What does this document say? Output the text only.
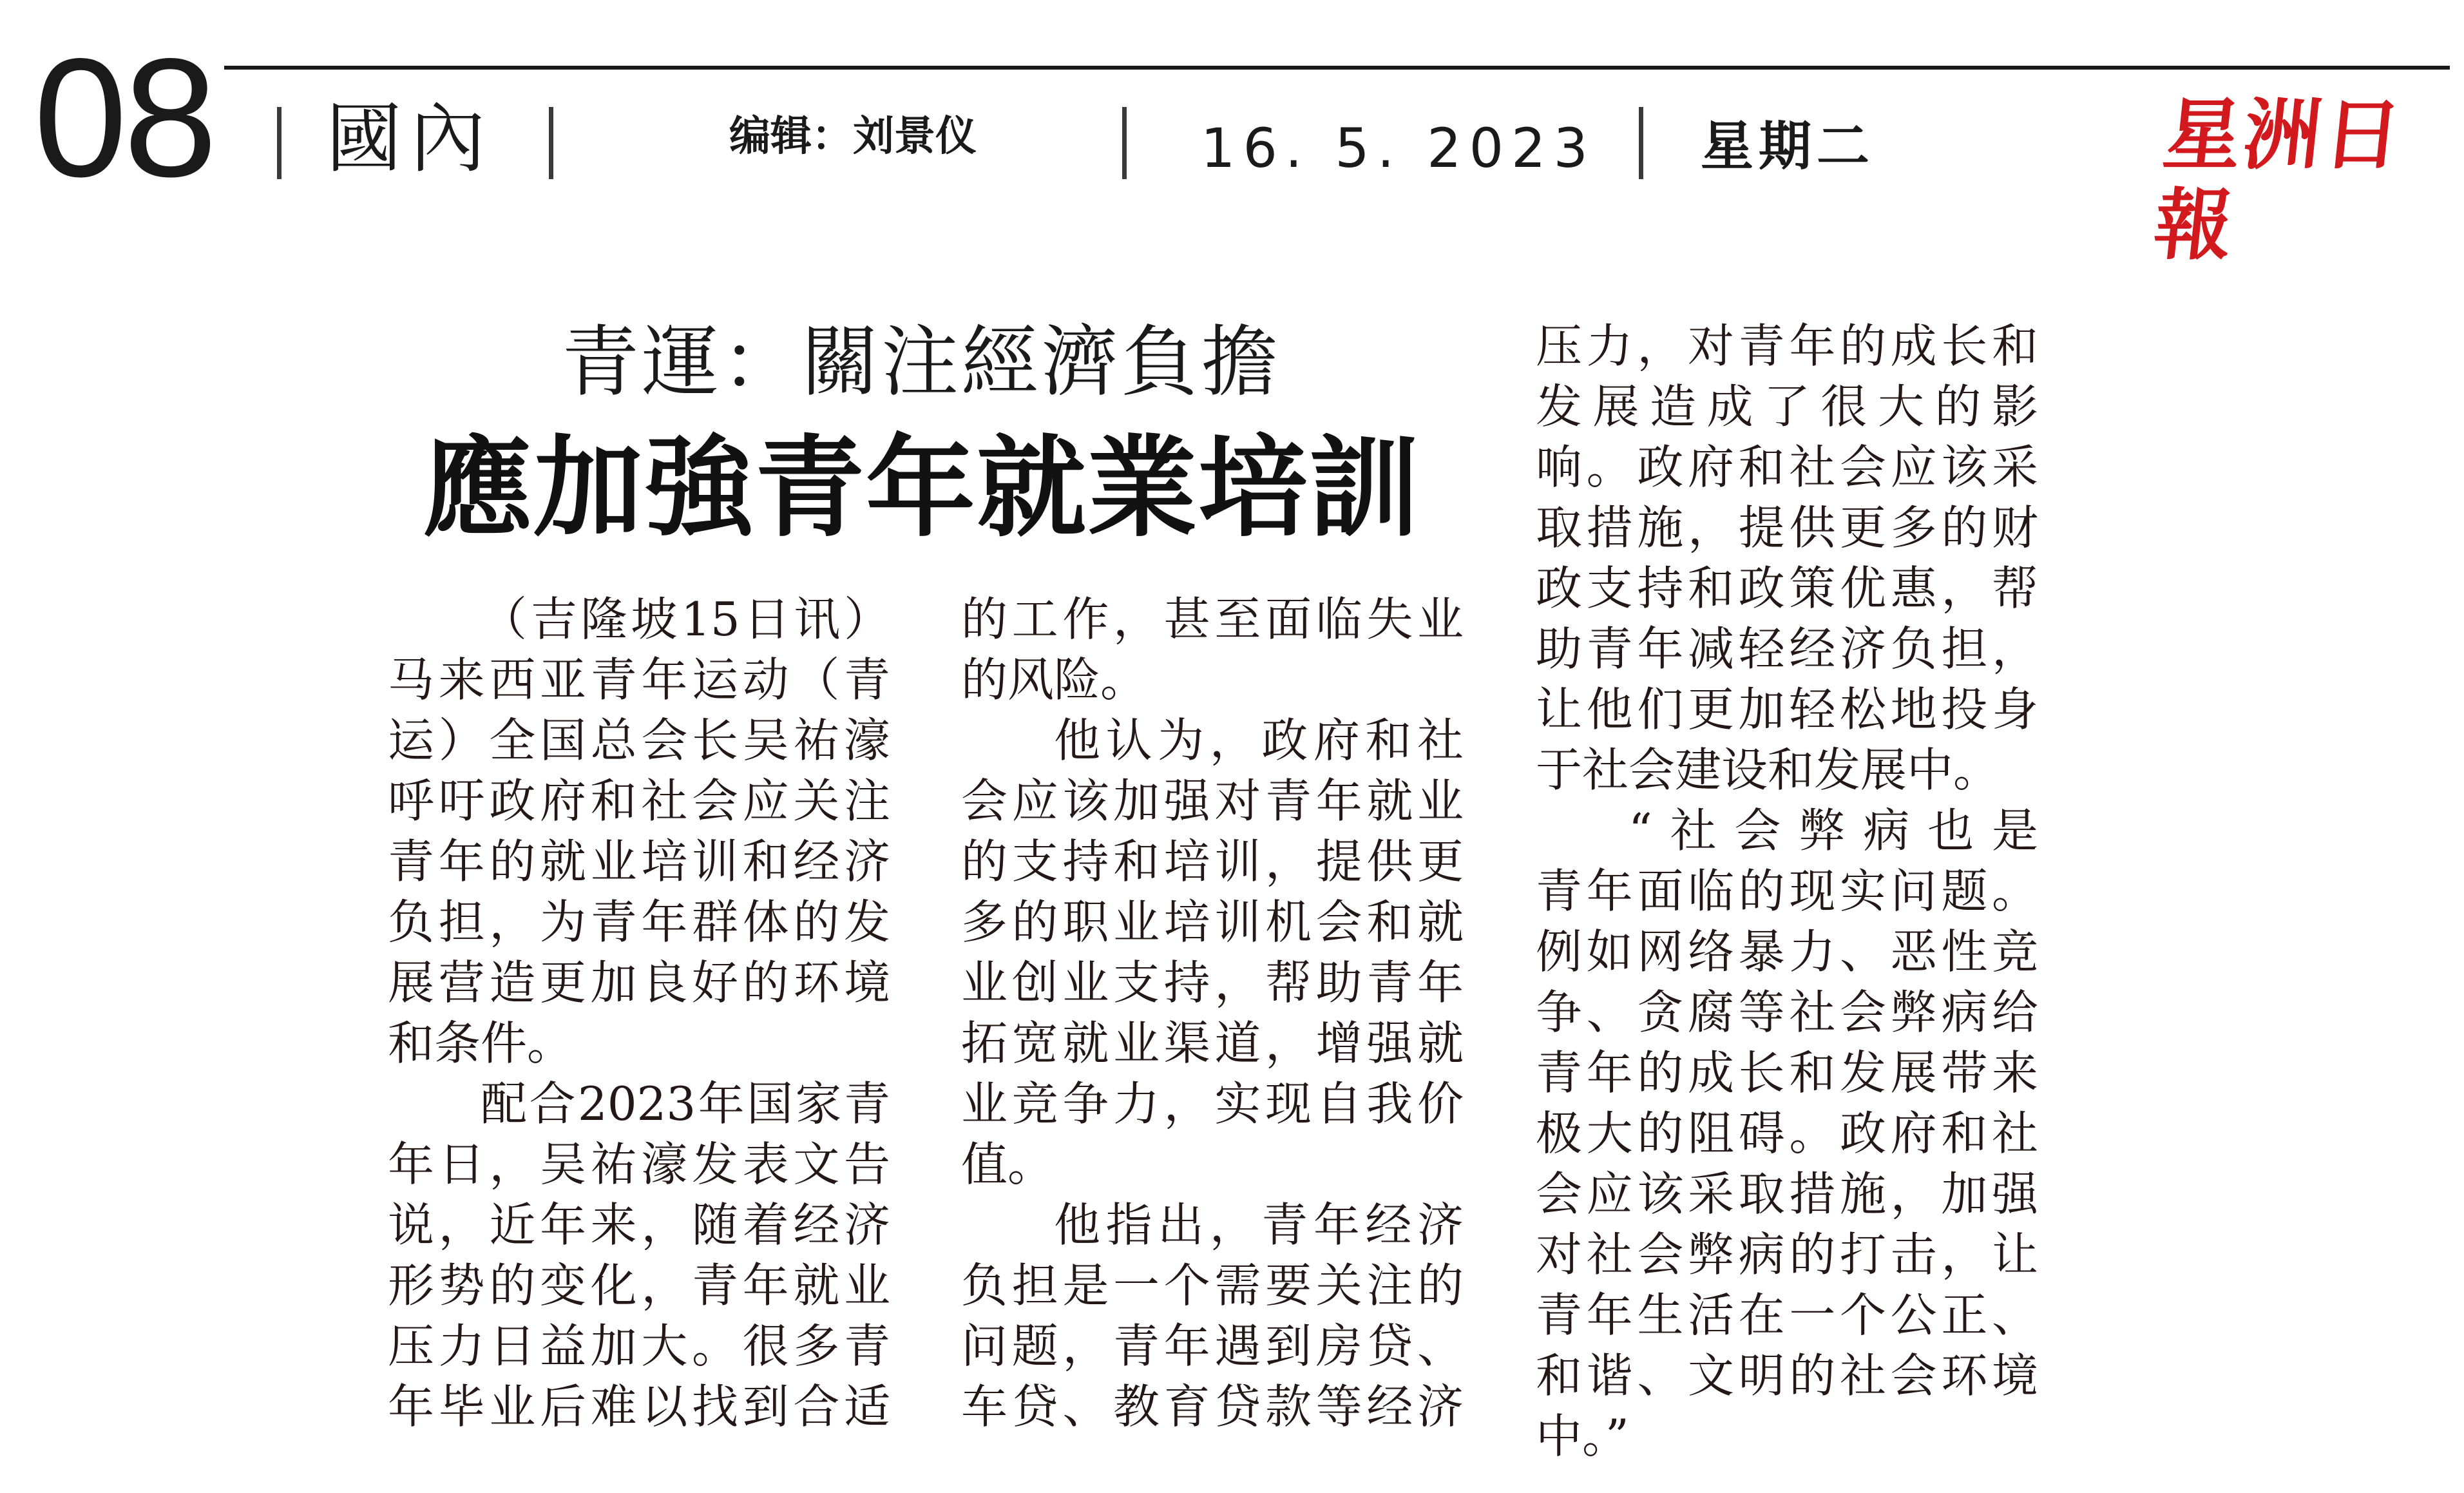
08 國內	编辑：刘景仪	16. 5. 2023 星期二	星洲日報
青運：關注經濟負擔
應加強青年就業培訓
（吉隆坡15日讯）
马来西亚青年运动（青
运）全国总会长吴祐濠
呼吁政府和社会应关注
青年的就业培训和经济
负担，为青年群体的发
展营造更加良好的环境
和条件。
配合2023年国家青
年日，吴祐濠发表文告
说，近年来，随着经济
形势的变化，青年就业
压力日益加大。很多青
年毕业后难以找到合适
的工作，甚至面临失业
的风险。
他认为，政府和社
会应该加强对青年就业
的支持和培训，提供更
多的职业培训机会和就
业创业支持，帮助青年
拓宽就业渠道，增强就
业竞争力，实现自我价
值。
他指出，青年经济
负担是一个需要关注的
问题，青年遇到房贷、
车贷、教育贷款等经济
压力，对青年的成长和
发展造成了很大的影
响。政府和社会应该采
取措施，提供更多的财
政支持和政策优惠，帮
助青年减轻经济负担，
让他们更加轻松地投身
于社会建设和发展中。
“社会弊病也是
青年面临的现实问题。
例如网络暴力、恶性竞
争、贪腐等社会弊病给
青年的成长和发展带来
极大的阻碍。政府和社
会应该采取措施，加强
对社会弊病的打击，让
青年生活在一个公正、
和谐、文明的社会环境
中。”
